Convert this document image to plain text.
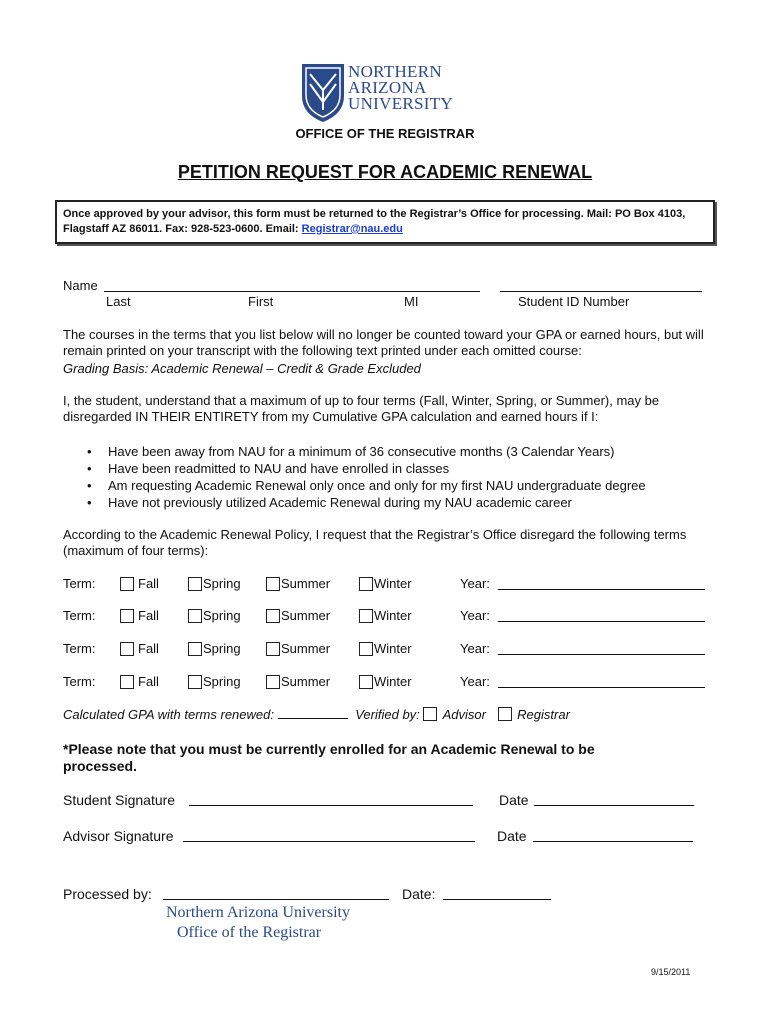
NORTHERN
ARIZONA
UNIVERSITY
OFFICE OF THE REGISTRAR
PETITION REQUEST FOR ACADEMIC RENEWAL
Once approved by your advisor, this form must be returned to the Registrar’s Office for processing. Mail: PO Box 4103, Flagstaff AZ 86011. Fax: 928-523-0600. Email: Registrar@nau.edu
Name
Last	First	MI	Student ID Number
The courses in the terms that you list below will no longer be counted toward your GPA or earned hours, but will remain printed on your transcript with the following text printed under each omitted course:
Grading Basis: Academic Renewal – Credit & Grade Excluded
I, the student, understand that a maximum of up to four terms (Fall, Winter, Spring, or Summer), may be disregarded IN THEIR ENTIRETY from my Cumulative GPA calculation and earned hours if I:
• Have been away from NAU for a minimum of 36 consecutive months (3 Calendar Years)
• Have been readmitted to NAU and have enrolled in classes
• Am requesting Academic Renewal only once and only for my first NAU undergraduate degree
• Have not previously utilized Academic Renewal during my NAU academic career
According to the Academic Renewal Policy, I request that the Registrar’s Office disregard the following terms (maximum of four terms):
Term:	Fall	Spring	Summer	Winter	Year:
Term:	Fall	Spring	Summer	Winter	Year:
Term:	Fall	Spring	Summer	Winter	Year:
Term:	Fall	Spring	Summer	Winter	Year:
Calculated GPA with terms renewed:	Verified by: Advisor Registrar
*Please note that you must be currently enrolled for an Academic Renewal to be processed.
Student Signature	Date
Advisor Signature	Date
Processed by:	Date:
Northern Arizona University
Office of the Registrar
9/15/2011
